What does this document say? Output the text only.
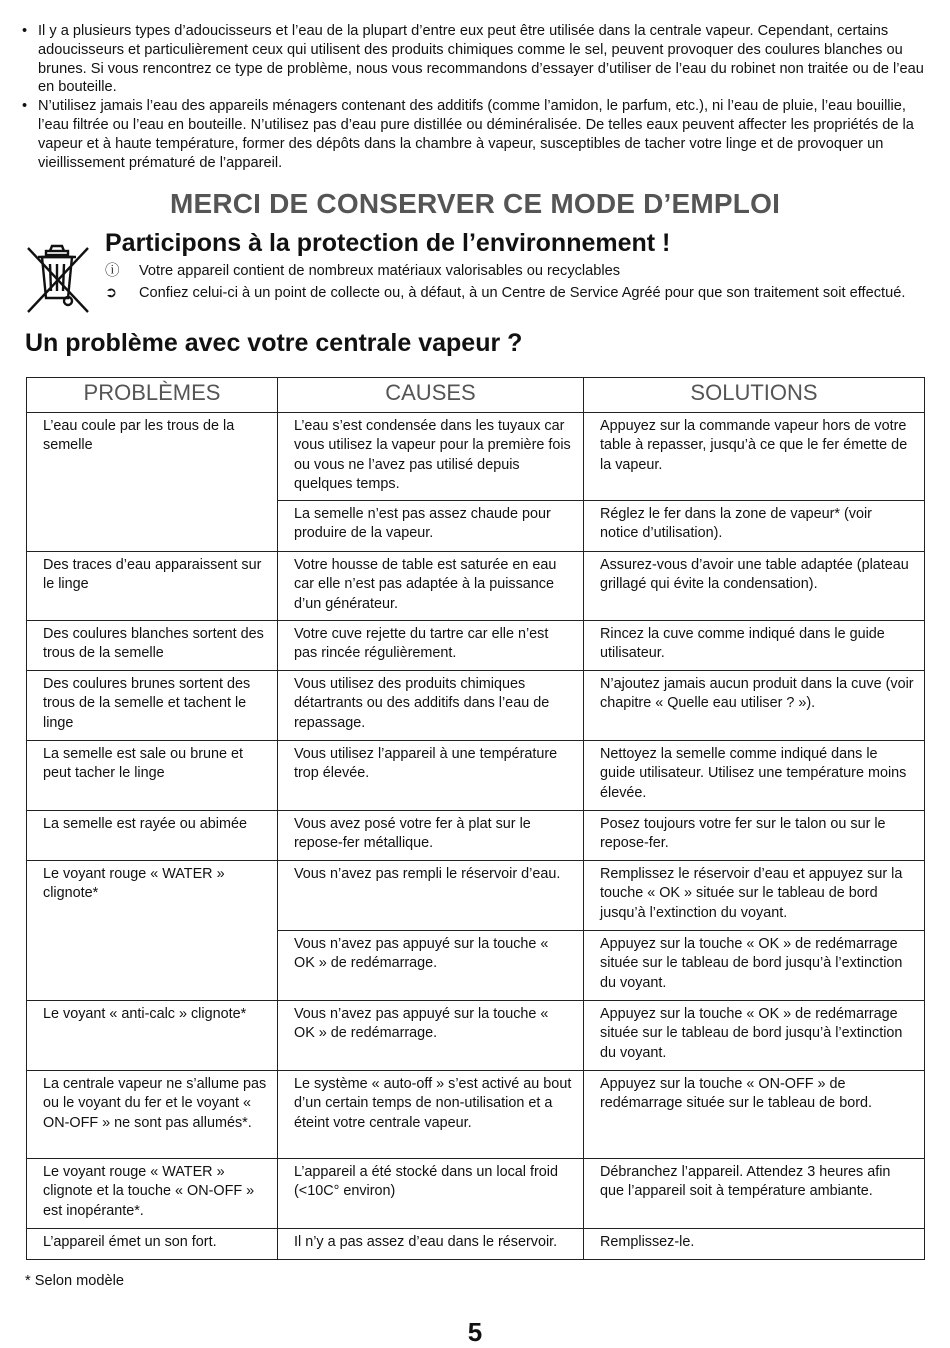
• Il y a plusieurs types d’adoucisseurs et l’eau de la plupart d’entre eux peut être utilisée dans la centrale vapeur. Cependant, certains adoucisseurs et particulièrement ceux qui utilisent des produits chimiques comme le sel, peuvent provoquer des coulures blanches ou brunes. Si vous rencontrez ce type de problème, nous vous recommandons d’essayer d’utiliser de l’eau du robinet non traitée ou de l’eau en bouteille.
• N’utilisez jamais l’eau des appareils ménagers contenant des additifs (comme l’amidon, le parfum, etc.), ni l’eau de pluie, l’eau bouillie, l’eau filtrée ou l’eau en bouteille. N’utilisez pas d’eau pure distillée ou déminéralisée. De telles eaux peuvent affecter les propriétés de la vapeur et à haute température, former des dépôts dans la chambre à vapeur, susceptibles de tacher votre linge et de provoquer un vieillissement prématuré de l’appareil.
MERCI DE CONSERVER CE MODE D’EMPLOI
Participons à la protection de l’environnement !
ⓘ Votre appareil contient de nombreux matériaux valorisables ou recyclables
➲ Confiez celui-ci à un point de collecte ou, à défaut, à un Centre de Service Agréé pour que son traitement soit effectué.
Un problème avec votre centrale vapeur ?
PROBLÈMES	CAUSES	SOLUTIONS
L’eau coule par les trous de la semelle	L’eau s’est condensée dans les tuyaux car vous utilisez la vapeur pour la première fois ou vous ne l’avez pas utilisé depuis quelques temps.	Appuyez sur la commande vapeur hors de votre table à repasser, jusqu’à ce que le fer émette de la vapeur.
	La semelle n’est pas assez chaude pour produire de la vapeur.	Réglez le fer dans la zone de vapeur* (voir notice d’utilisation).
Des traces d’eau apparaissent sur le linge	Votre housse de table est saturée en eau car elle n’est pas adaptée à la puissance d’un générateur.	Assurez-vous d’avoir une table adaptée (plateau grillagé qui évite la condensation).
Des coulures blanches sortent des trous de la semelle	Votre cuve rejette du tartre car elle n’est pas rincée régulièrement.	Rincez la cuve comme indiqué dans le guide utilisateur.
Des coulures brunes sortent des trous de la semelle et tachent le linge	Vous utilisez des produits chimiques détartrants ou des additifs dans l’eau de repassage.	N’ajoutez jamais aucun produit dans la cuve (voir chapitre « Quelle eau utiliser ? »).
La semelle est sale ou brune et peut tacher le linge	Vous utilisez l’appareil à une température trop élevée.	Nettoyez la semelle comme indiqué dans le guide utilisateur. Utilisez une température moins élevée.
La semelle est rayée ou abimée	Vous avez posé votre fer à plat sur le repose-fer métallique.	Posez toujours votre fer sur le talon ou sur le repose-fer.
Le voyant rouge « WATER » clignote*	Vous n’avez pas rempli le réservoir d’eau.	Remplissez le réservoir d’eau et appuyez sur la touche « OK » située sur le tableau de bord jusqu’à l’extinction du voyant.
	Vous n’avez pas appuyé sur la touche « OK » de redémarrage.	Appuyez sur la touche « OK » de redémarrage située sur le tableau de bord jusqu’à l’extinction du voyant.
Le voyant « anti-calc » clignote*	Vous n’avez pas appuyé sur la touche « OK » de redémarrage.	Appuyez sur la touche « OK » de redémarrage située sur le tableau de bord jusqu’à l’extinction du voyant.
La centrale vapeur ne s’allume pas ou le voyant du fer et le voyant « ON-OFF » ne sont pas allumés*.	Le système « auto-off » s’est activé au bout d’un certain temps de non-utilisation et a éteint votre centrale vapeur.	Appuyez sur la touche « ON-OFF » de redémarrage située sur le tableau de bord.
Le voyant rouge « WATER » clignote et la touche « ON-OFF » est inopérante*.	L’appareil a été stocké dans un local froid (<10C° environ)	Débranchez l’appareil. Attendez 3 heures afin que l’appareil soit à température ambiante.
L’appareil émet un son fort.	Il n’y a pas assez d’eau dans le réservoir.	Remplissez-le.
* Selon modèle
5
